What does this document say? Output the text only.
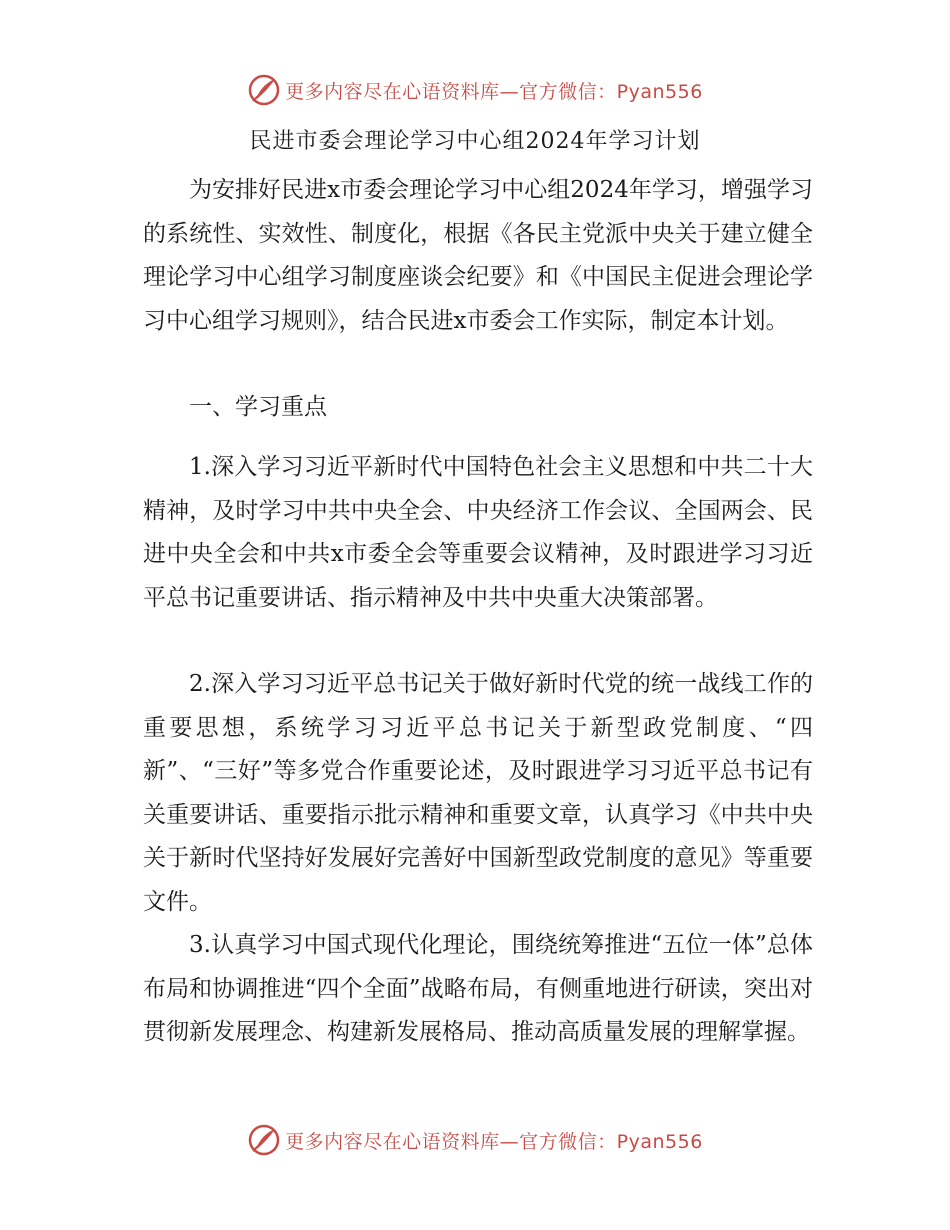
更多内容尽在心语资料库—官方微信：Pyan556
民进市委会理论学习中心组2024年学习计划

为安排好民进x市委会理论学习中心组2024年学习，增强学习的系统性、实效性、制度化，根据《各民主党派中央关于建立健全理论学习中心组学习制度座谈会纪要》和《中国民主促进会理论学习中心组学习规则》，结合民进x市委会工作实际，制定本计划。

一、学习重点

1.深入学习习近平新时代中国特色社会主义思想和中共二十大精神，及时学习中共中央全会、中央经济工作会议、全国两会、民进中央全会和中共x市委全会等重要会议精神，及时跟进学习习近平总书记重要讲话、指示精神及中共中央重大决策部署。

2.深入学习习近平总书记关于做好新时代党的统一战线工作的重要思想，系统学习习近平总书记关于新型政党制度、“四新”、“三好”等多党合作重要论述，及时跟进学习习近平总书记有关重要讲话、重要指示批示精神和重要文章，认真学习《中共中央关于新时代坚持好发展好完善好中国新型政党制度的意见》等重要文件。

3.认真学习中国式现代化理论，围绕统筹推进“五位一体”总体布局和协调推进“四个全面”战略布局，有侧重地进行研读，突出对贯彻新发展理念、构建新发展格局、推动高质量发展的理解掌握。

更多内容尽在心语资料库—官方微信：Pyan556
